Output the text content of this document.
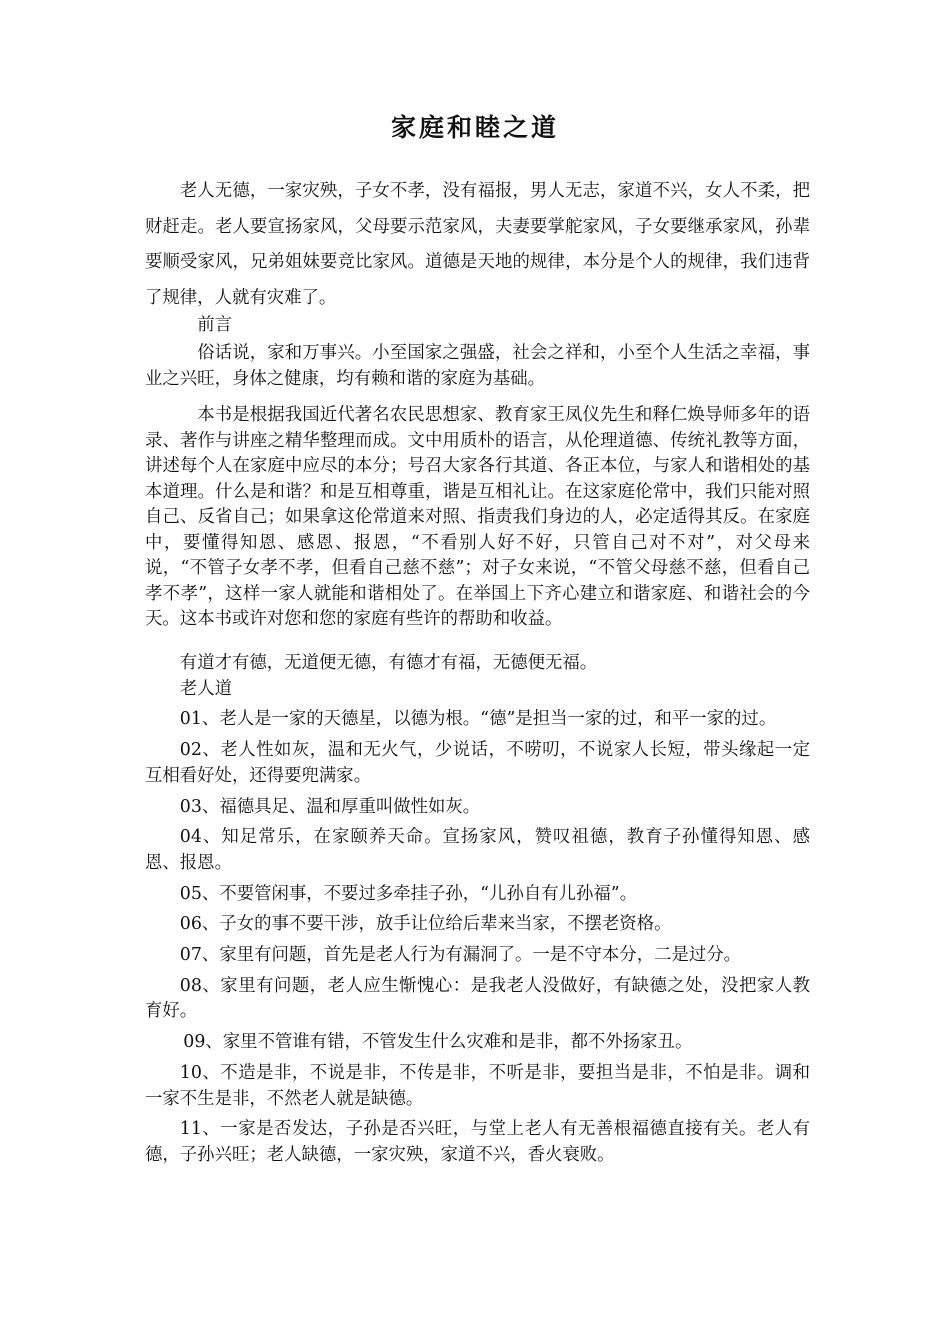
家庭和睦之道

老人无德，一家灾殃，子女不孝，没有福报，男人无志，家道不兴，女人不柔，把财赶走。老人要宣扬家风，父母要示范家风，夫妻要掌舵家风，子女要继承家风，孙辈要顺受家风，兄弟姐妹要竞比家风。道德是天地的规律，本分是个人的规律，我们违背了规律，人就有灾难了。

前言

俗话说，家和万事兴。小至国家之强盛，社会之祥和，小至个人生活之幸福，事业之兴旺，身体之健康，均有赖和谐的家庭为基础。

本书是根据我国近代著名农民思想家、教育家王凤仪先生和释仁焕导师多年的语录、著作与讲座之精华整理而成。文中用质朴的语言，从伦理道德、传统礼教等方面，讲述每个人在家庭中应尽的本分；号召大家各行其道、各正本位，与家人和谐相处的基本道理。什么是和谐？和是互相尊重，谐是互相礼让。在这家庭伦常中，我们只能对照自己、反省自己；如果拿这伦常道来对照、指责我们身边的人，必定适得其反。在家庭中，要懂得知恩、感恩、报恩，“不看别人好不好，只管自己对不对”，对父母来说，“不管子女孝不孝，但看自己慈不慈”；对子女来说，“不管父母慈不慈，但看自己孝不孝”，这样一家人就能和谐相处了。在举国上下齐心建立和谐家庭、和谐社会的今天。这本书或许对您和您的家庭有些许的帮助和收益。

有道才有德，无道便无德，有德才有福，无德便无福。

老人道

01、老人是一家的天德星，以德为根。“德”是担当一家的过，和平一家的过。

02、老人性如灰，温和无火气，少说话，不唠叨，不说家人长短，带头缘起一定互相看好处，还得要兜满家。

03、福德具足、温和厚重叫做性如灰。

04、知足常乐，在家颐养天命。宣扬家风，赞叹祖德，教育子孙懂得知恩、感恩、报恩。

05、不要管闲事，不要过多牵挂子孙，“儿孙自有儿孙福”。

06、子女的事不要干涉，放手让位给后辈来当家，不摆老资格。

07、家里有问题，首先是老人行为有漏洞了。一是不守本分，二是过分。

08、家里有问题，老人应生惭愧心：是我老人没做好，有缺德之处，没把家人教育好。

09、家里不管谁有错，不管发生什么灾难和是非，都不外扬家丑。

10、不造是非，不说是非，不传是非，不听是非，要担当是非，不怕是非。调和一家不生是非，不然老人就是缺德。

11、一家是否发达，子孙是否兴旺，与堂上老人有无善根福德直接有关。老人有德，子孙兴旺；老人缺德，一家灾殃，家道不兴，香火衰败。
